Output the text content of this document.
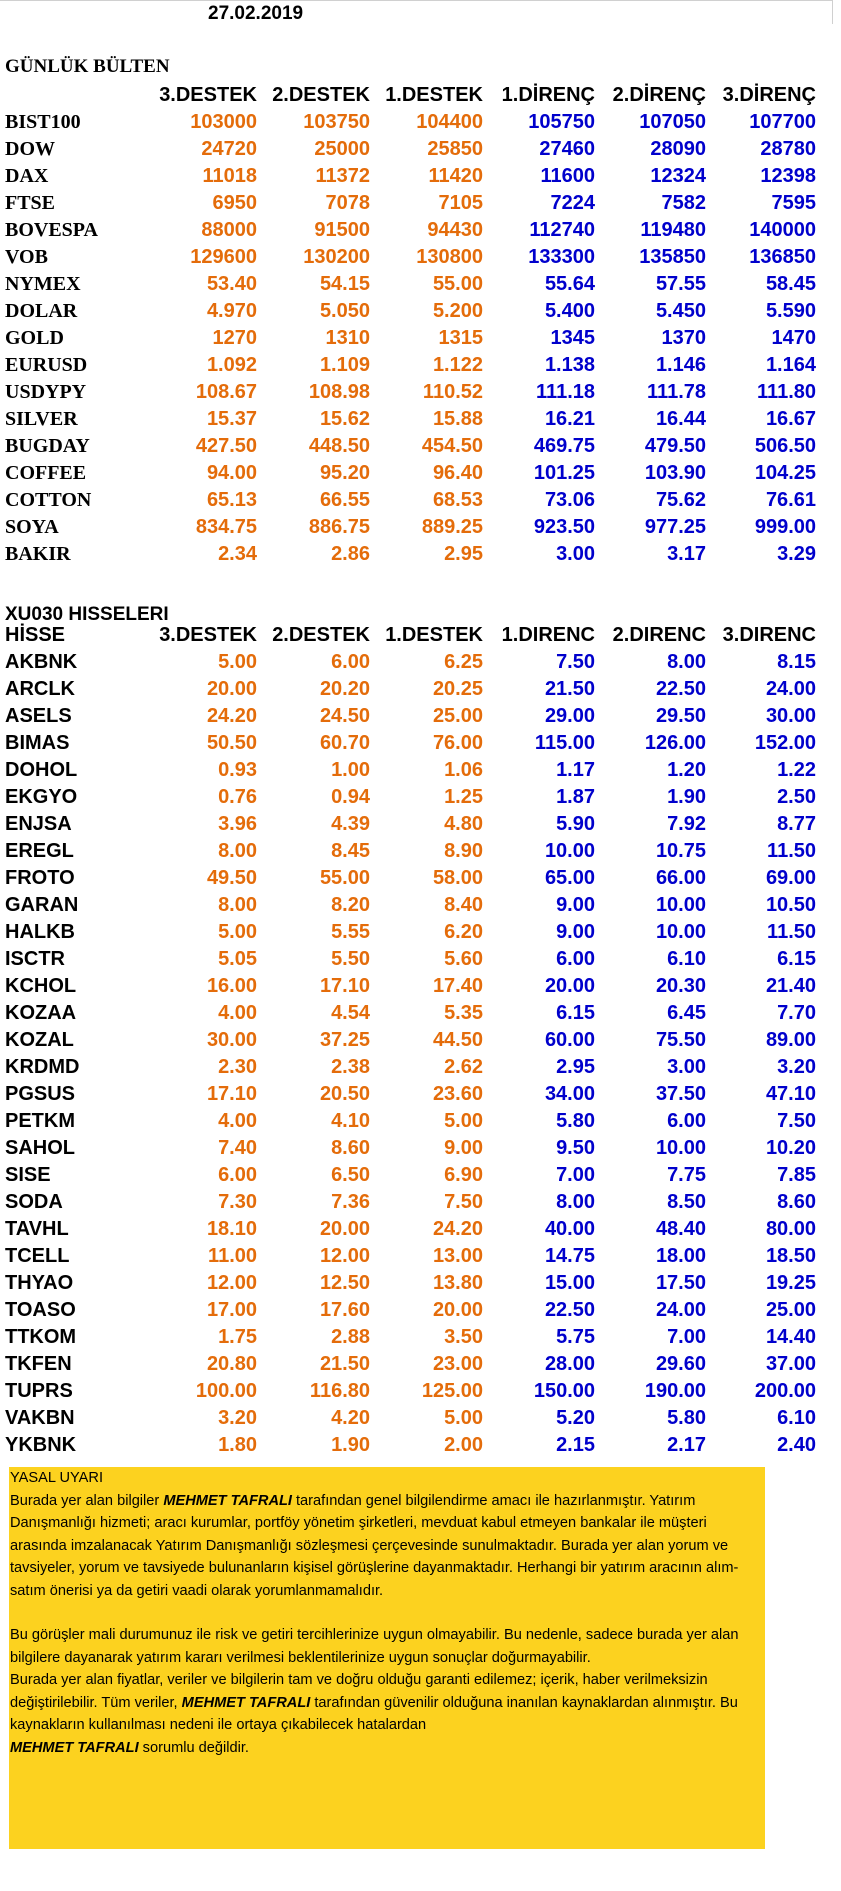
27.02.2019
GÜNLÜK BÜLTEN
	3.DESTEK	2.DESTEK	1.DESTEK	1.DİRENÇ	2.DİRENÇ	3.DİRENÇ
BIST100	103000	103750	104400	105750	107050	107700
DOW	24720	25000	25850	27460	28090	28780
DAX	11018	11372	11420	11600	12324	12398
FTSE	6950	7078	7105	7224	7582	7595
BOVESPA	88000	91500	94430	112740	119480	140000
VOB	129600	130200	130800	133300	135850	136850
NYMEX	53.40	54.15	55.00	55.64	57.55	58.45
DOLAR	4.970	5.050	5.200	5.400	5.450	5.590
GOLD	1270	1310	1315	1345	1370	1470
EURUSD	1.092	1.109	1.122	1.138	1.146	1.164
USDYPY	108.67	108.98	110.52	111.18	111.78	111.80
SILVER	15.37	15.62	15.88	16.21	16.44	16.67
BUGDAY	427.50	448.50	454.50	469.75	479.50	506.50
COFFEE	94.00	95.20	96.40	101.25	103.90	104.25
COTTON	65.13	66.55	68.53	73.06	75.62	76.61
SOYA	834.75	886.75	889.25	923.50	977.25	999.00
BAKIR	2.34	2.86	2.95	3.00	3.17	3.29
XU030 HISSELERI
HİSSE	3.DESTEK	2.DESTEK	1.DESTEK	1.DIRENC	2.DIRENC	3.DIRENC
AKBNK	5.00	6.00	6.25	7.50	8.00	8.15
ARCLK	20.00	20.20	20.25	21.50	22.50	24.00
ASELS	24.20	24.50	25.00	29.00	29.50	30.00
BIMAS	50.50	60.70	76.00	115.00	126.00	152.00
DOHOL	0.93	1.00	1.06	1.17	1.20	1.22
EKGYO	0.76	0.94	1.25	1.87	1.90	2.50
ENJSA	3.96	4.39	4.80	5.90	7.92	8.77
EREGL	8.00	8.45	8.90	10.00	10.75	11.50
FROTO	49.50	55.00	58.00	65.00	66.00	69.00
GARAN	8.00	8.20	8.40	9.00	10.00	10.50
HALKB	5.00	5.55	6.20	9.00	10.00	11.50
ISCTR	5.05	5.50	5.60	6.00	6.10	6.15
KCHOL	16.00	17.10	17.40	20.00	20.30	21.40
KOZAA	4.00	4.54	5.35	6.15	6.45	7.70
KOZAL	30.00	37.25	44.50	60.00	75.50	89.00
KRDMD	2.30	2.38	2.62	2.95	3.00	3.20
PGSUS	17.10	20.50	23.60	34.00	37.50	47.10
PETKM	4.00	4.10	5.00	5.80	6.00	7.50
SAHOL	7.40	8.60	9.00	9.50	10.00	10.20
SISE	6.00	6.50	6.90	7.00	7.75	7.85
SODA	7.30	7.36	7.50	8.00	8.50	8.60
TAVHL	18.10	20.00	24.20	40.00	48.40	80.00
TCELL	11.00	12.00	13.00	14.75	18.00	18.50
THYAO	12.00	12.50	13.80	15.00	17.50	19.25
TOASO	17.00	17.60	20.00	22.50	24.00	25.00
TTKOM	1.75	2.88	3.50	5.75	7.00	14.40
TKFEN	20.80	21.50	23.00	28.00	29.60	37.00
TUPRS	100.00	116.80	125.00	150.00	190.00	200.00
VAKBN	3.20	4.20	5.00	5.20	5.80	6.10
YKBNK	1.80	1.90	2.00	2.15	2.17	2.40

YASAL UYARI

Burada yer alan bilgiler MEHMET TAFRALI tarafından genel bilgilendirme amacı ile hazırlanmıştır. Yatırım Danışmanlığı hizmeti; aracı kurumlar, portföy yönetim şirketleri, mevduat kabul etmeyen bankalar ile müşteri arasında imzalanacak Yatırım Danışmanlığı sözleşmesi çerçevesinde sunulmaktadır. Burada yer alan yorum ve tavsiyeler, yorum ve tavsiyede bulunanların kişisel görüşlerine dayanmaktadır. Herhangi bir yatırım aracının alım-satım önerisi ya da getiri vaadi olarak yorumlanmamalıdır.

Bu görüşler mali durumunuz ile risk ve getiri tercihlerinize uygun olmayabilir. Bu nedenle, sadece burada yer alan bilgilere dayanarak yatırım kararı verilmesi beklentilerinize uygun sonuçlar doğurmayabilir.

Burada yer alan fiyatlar, veriler ve bilgilerin tam ve doğru olduğu garanti edilemez; içerik, haber verilmeksizin değiştirilebilir. Tüm veriler, MEHMET TAFRALI tarafından güvenilir olduğuna inanılan kaynaklardan alınmıştır. Bu kaynakların kullanılması nedeni ile ortaya çıkabilecek hatalardan

MEHMET TAFRALI sorumlu değildir.
